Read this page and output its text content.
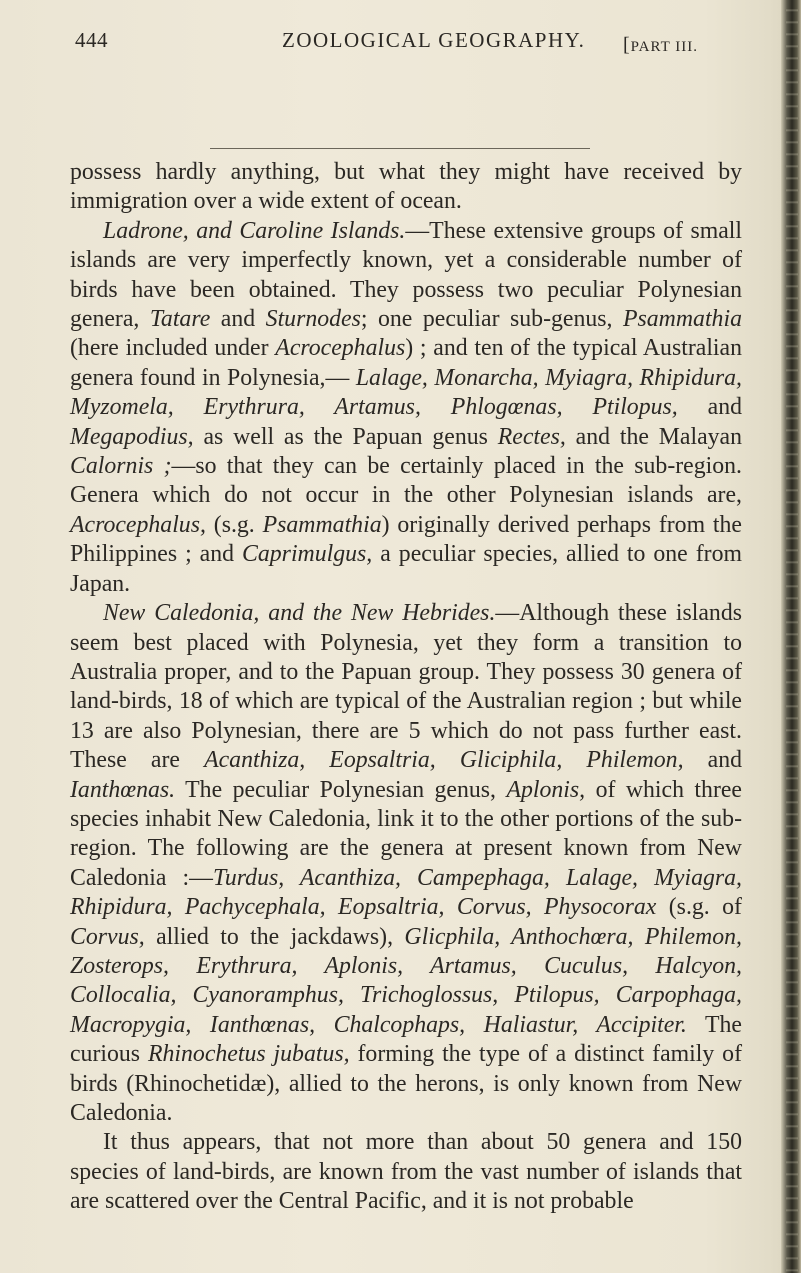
444	ZOOLOGICAL GEOGRAPHY. [PART III.

possess hardly anything, but what they might have received by immigration over a wide extent of ocean.

Ladrone, and Caroline Islands.—These extensive groups of small islands are very imperfectly known, yet a considerable number of birds have been obtained. They possess two peculiar Polynesian genera, Tatare and Sturnodes; one peculiar sub-genus, Psammathia (here included under Acrocephalus) ; and ten of the typical Australian genera found in Polynesia,— Lalage, Monarcha, Myiagra, Rhipidura, Myzomela, Erythrura, Artamus, Phlogœnas, Ptilopus, and Megapodius, as well as the Papuan genus Rectes, and the Malayan Calornis ;—so that they can be certainly placed in the sub-region. Genera which do not occur in the other Polynesian islands are, Acrocephalus, (s.g. Psammathia) originally derived perhaps from the Philippines ; and Caprimulgus, a peculiar species, allied to one from Japan.

New Caledonia, and the New Hebrides.—Although these islands seem best placed with Polynesia, yet they form a transition to Australia proper, and to the Papuan group. They possess 30 genera of land-birds, 18 of which are typical of the Australian region ; but while 13 are also Polynesian, there are 5 which do not pass further east. These are Acanthiza, Eopsaltria, Gliciphila, Philemon, and Ianthœnas. The peculiar Polynesian genus, Aplonis, of which three species inhabit New Caledonia, link it to the other portions of the sub-region. The following are the genera at present known from New Caledonia :—Turdus, Acanthiza, Campephaga, Lalage, Myiagra, Rhipidura, Pachycephala, Eopsaltria, Corvus, Physocorax (s.g. of Corvus, allied to the jackdaws), Glicphila, Anthochœra, Philemon, Zosterops, Erythrura, Aplonis, Artamus, Cuculus, Halcyon, Collocalia, Cyanoramphus, Trichoglossus, Ptilopus, Carpophaga, Macropygia, Ianthœnas, Chalcophaps, Haliastur, Accipiter. The curious Rhinochetus jubatus, forming the type of a distinct family of birds (Rhinochetidæ), allied to the herons, is only known from New Caledonia.

It thus appears, that not more than about 50 genera and 150 species of land-birds, are known from the vast number of islands that are scattered over the Central Pacific, and it is not probable
